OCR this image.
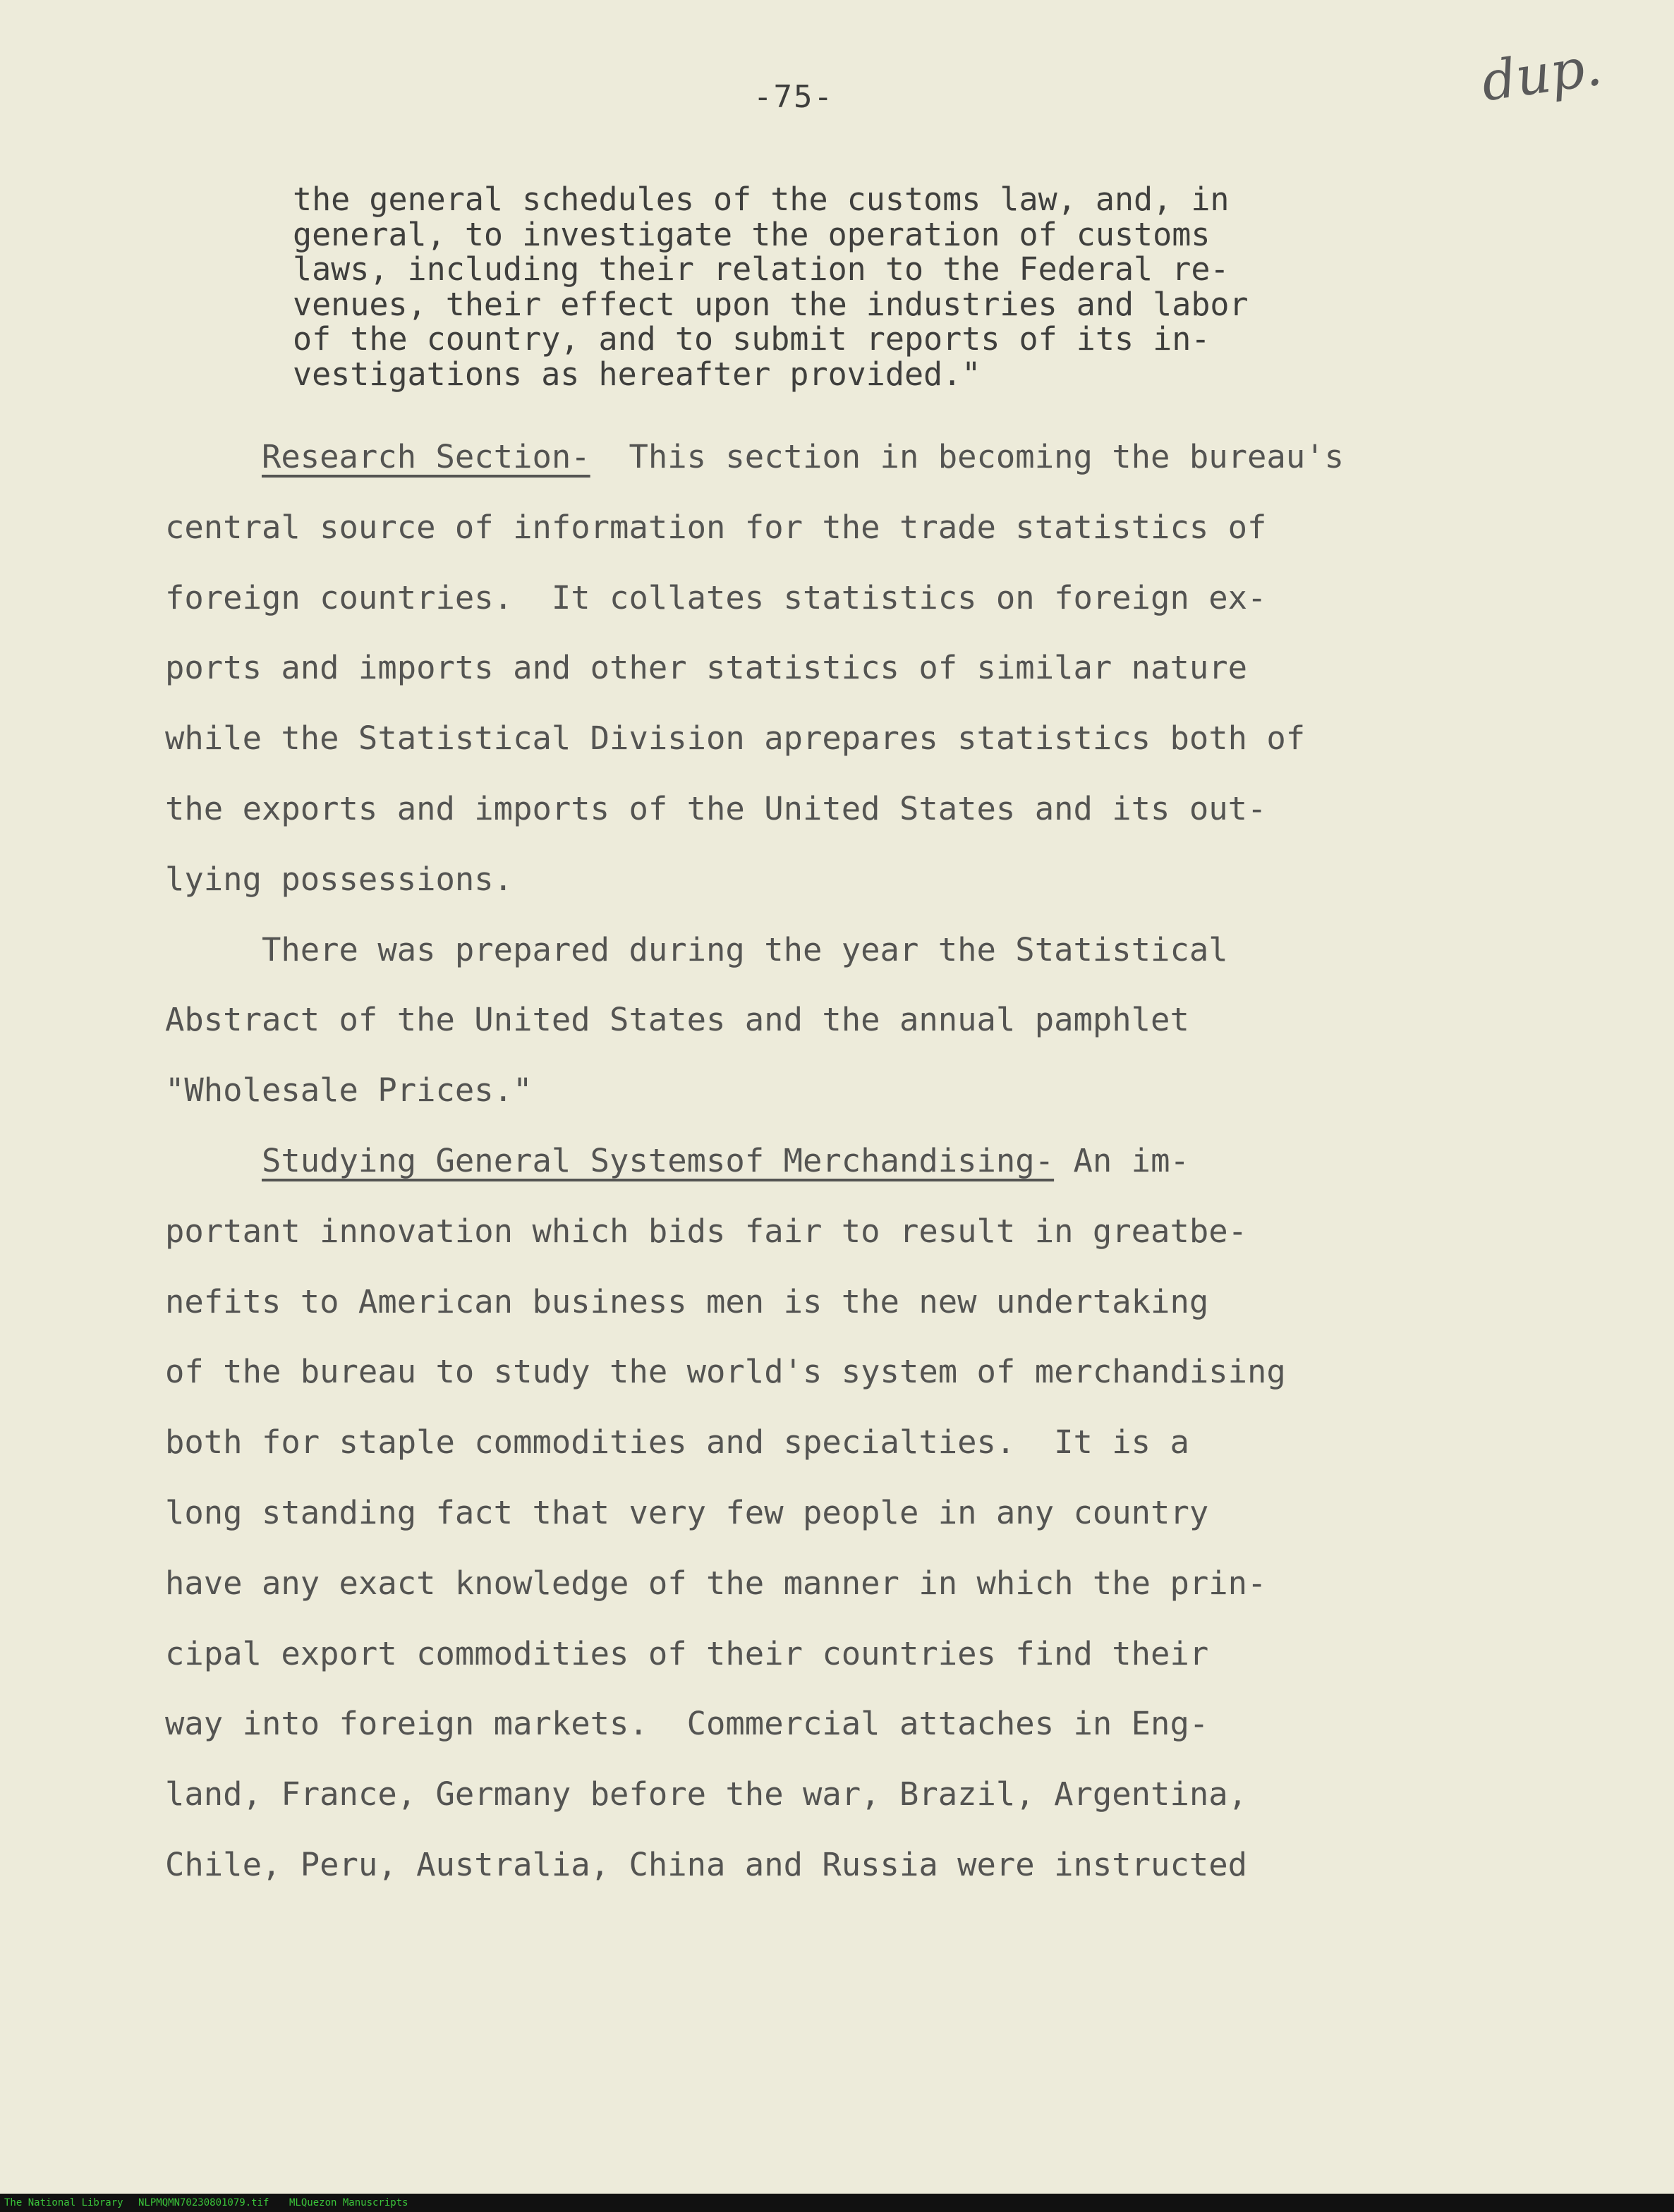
-75-	dup.
the general schedules of the customs law, and, in
general, to investigate the operation of customs
laws, including their relation to the Federal re-
venues, their effect upon the industries and labor
of the country, and to submit reports of its in-
vestigations as hereafter provided."
Research Section-  This section in becoming the bureau's
central source of information for the trade statistics of
foreign countries.  It collates statistics on foreign ex-
ports and imports and other statistics of similar nature
while the Statistical Division aprepares statistics both of
the exports and imports of the United States and its out-
lying possessions.
There was prepared during the year the Statistical
Abstract of the United States and the annual pamphlet
"Wholesale Prices."
Studying General Systemsof Merchandising- An im-
portant innovation which bids fair to result in greatbe-
nefits to American business men is the new undertaking
of the bureau to study the world's system of merchandising
both for staple commodities and specialties.  It is a
long standing fact that very few people in any country
have any exact knowledge of the manner in which the prin-
cipal export commodities of their countries find their
way into foreign markets.  Commercial attaches in Eng-
land, France, Germany before the war, Brazil, Argentina,
Chile, Peru, Australia, China and Russia were instructed
The National Library NLPMQMN70230801079.tif MLQuezon Manuscripts
